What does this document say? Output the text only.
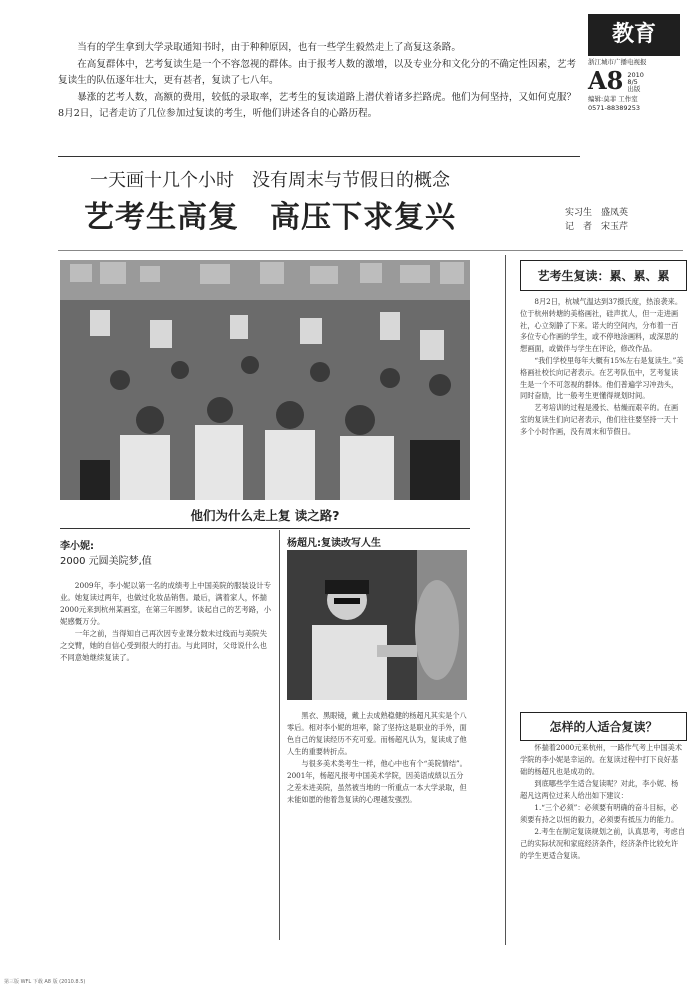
教育
浙江城市广播电视报
A8 2010
8/5
出版
编辑:莫菲 工作室
0571-88389253
当有的学生拿到大学录取通知书时，由于种种原因，也有一些学生毅然走上了高复这条路。
在高复群体中，艺考复读生是一个不容忽视的群体。由于报考人数的激增，以及专业分和文化分的不确定性因素，艺考复读生的队伍逐年壮大，更有甚者，复读了七八年。
暴涨的艺考人数，高额的费用，较低的录取率，艺考生的复读道路上潜伏着诸多拦路虎。他们为何坚持，又如何克服？8月2日，记者走访了几位参加过复读的考生，听他们讲述各自的心路历程。
一天画十几个小时　没有周末与节假日的概念
艺考生高复　高压下求复兴	实习生　盛凤英
记　者　宋玉芹
他们为什么走上复 读之路?
李小妮:
2000 元圆美院梦,值
杨超凡:复读改写人生
2009年，李小妮以第一名的成绩考上中国美院的服装设计专业。她复读过两年，也做过化妆品销售。最后，满着家人，怀揣2000元来到杭州某画室，在第三年圆梦。谈起自己的艺考路，小妮感慨万分。
一年之前，当得知自己再次因专业课分数未过线而与美院失之交臂，她的自信心受到很大的打击。与此同时，父母说什么也不同意她继续复读了。
黑衣、黑眼镜，戴上去成熟稳健的杨超凡其实是个八零后。相对李小妮的坦率，除了坚持这是职业的手外，面色自己的复读经历不充可爱。而杨超凡认为，复读成了他人生的重要转折点。
与很多美术类考生一样，他心中也有个“美院情结”。2001年，杨超凡报考中国美术学院，因美语成绩以五分之差未进美院，虽然被当地的一所重点一本大学录取，但未能如愿的他着急复读的心理越发强烈。
艺考生复读：累、累、累
8月2日，杭城气温达到37摄氏度，热浪袭来。位于杭州转塘的美格画社，硅声扰人，但一走进画社，心立刻静了下来。诺大的空间内，分布着一百多位专心作画的学生，或不停地涂画料，或深思的想画面，或做伴与学生在评论，修改作品。
“我们学校里每年大概有15%左右是复读生。”美格画社校长向记者表示。在艺考队伍中，艺考复读生是一个不可忽视的群体。他们普遍学习冲劲头，同时奋励，比一般考生更懂得规划时间。
艺考培训的过程是漫长、枯燥而艰辛的。在画室的复读生们向记者表示，他们往往要坚持一天十多个小时作画，没有周末和节假日。
怎样的人适合复读？
怀揣着2000元来杭州，一路作气考上中国美术学院的李小妮是幸运的。在复读过程中打下良好基础的杨超凡也是成功的。
到底哪些学生适合复读呢？对此，李小妮、杨超凡这两位过来人给出如下建议：
1.“三个必须”：必须要有明确的奋斗目标，必须要有持之以恒的毅力，必须要有抵压力的能力。
2.考生在制定复读规划之前，认真思考，考虑自己的实际状况和家庭经济条件，经济条件比较允许的学生更适合复读。
第三版 WFL 下载 A8 版 (2010.8.5)
